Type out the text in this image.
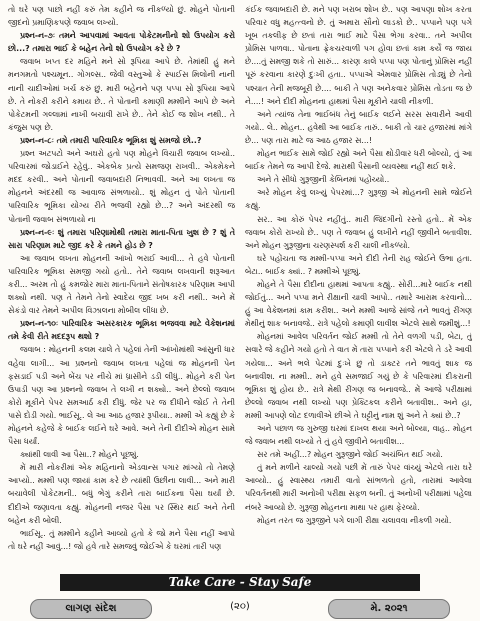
તો ઘરે પણ પાછો નહીં કરું તેમ કહીને જ નીકળ્યો છું. મોહને પોતાની જીદનો પ્રમાણિકપણે જવાબ લખ્યો.

પ્રશ્ન-ન-૭ઃ તમને આપવામાં આવતા પોકેટમનીનો શો ઉપયોગ કરો છો...? તમારા ભાઈ કે બહેન તેનો શો ઉપયોગ કરે છે ?

જવાબ ખપ્ત દર મહિને મને સો રૂપિયા આપે છે. તેમાંથી હું મને મનગમતો પશ્ચમૂન.. ગોગલ્સ.. જેવી વસ્તુઓ કે સ્પાઈસ મિલોની નાની નાની ચાદીઓમાં ખર્ચ કરું છું. મારી બહેનને પણ પપ્પા સો રૂપિયા આપે છે. તે નોકરી કરીને કમાય છે.. તે પોતાની કમાણી મમ્મીને આપે છે અને પોકેટમની ગલ્લામાં નાખી બચાવી રાખે છે.. તેને કોઈ જ શોખ નથી.. તે કંજુસ પણ છે.

પ્રશ્ન-ન-૮ઃ તમે તમારી પારિવારિક ભૂમિકા શું સમજો છો..?

પ્રશ્ન અટપટો અને અઘરો હતો પણ મોહને વિચારી જવાબ લખ્યો.. પરિવારમાં જોડાઈને રહેવું.. એકબેક પ્રત્યે સમજણ રાખવી.. એકમેકને મદદ કરવી.. અને પોતાની જવાબદારી નિભાવવી. અને આ લખતા જ મોહનને અંદરથી જ આવાજ સંભળાયો.. શું મોહન તું પોતે પોતાની પારિવારિક ભૂમિકા યોગ્ય રીતે ભજવી રહ્યો છે...? અને અંદરથી જ પોતાની જવાબ સંભળાયો ના

પ્રશ્ન-ન-૯ઃ શું તમારા પરિણામોથી તમારા માતા-પિતા ખુશ છે ? શું તે સારા પરિણામ માટે જીદ કરે કે તમને હોડ છે ?

આ જવાબ લખતા મોહનની આંખો ભરાઈ આવી... તે હવે પોતાની પારિવારિક ભૂમિકા સમજી ગયો હતો.. તેને જવાબ લખવાની શરૂઆત કરી... અરમ તો હું કમજોર મારા માતા-પિતાને સંતોષકારક પરિણામ આપી શક્યો નથી. પણ તે તેમને તેનો સ્વાદેય જીદ ખબ કરી નથી.. અને મેં સેકંડો વાર તેમને અપીલ વિઝાલના મોબીલ લીધા છે.

પ્રશ્ન-ન-૧૦ઃ પારિવારિક અસરકારક ભૂમિકા ભજવવા માટે વેકેશનમાં તમે કેવી રીતે મદદરૂપ થશો ?

જવાબ : મોહનની કલમ ચાલે તે પહેલાં તેની આંખોમાંથી આંસુની ધાર વહેવા લાગી... આ પ્રશ્નનો જવાબ લખતા પહેલાં જ મોહનની પેન ફસડાઈ પડી અને બેંચ પર નીચે માં ધ્રાસીને ડડી લીધું.. મોહને કરી પેન ઉપાડી પણ આ પ્રશ્નનો જવાબ તે લખી ન શક્યો.. અને છેલ્લો જવાબ કોરો મૂકીને પેપર સમઆર્ઠ કરી દીધું. જેર પર જ દીધીને જોઈ તે તેની પાસે દોડી ગયો. ભાઈસૂ.. લે આ આઠ હજાર રૂપીયા.. મમ્મી એ કહ્યું છે કે મોહનને કહેજે કે બાઈક લઈને ઘરે આવે. અને તેની દીદીએ મોહન સામે પૈસા ધર્યાં.

ક્યાંથી લાવી આ પૈસા..? મોહને પૂછ્યું.

મેં મારી નોકરીમાં એક મહિનાનો એડવાન્સ પગાર માંગ્યો તો તેમણે આપ્યો.. મમ્મી પણ જાયાં કામ કરે છે ત્યાંથી ઉછીના લાવી... અને મારી બચાવેલી પોકેટમની.. બધું ભેગું કરીને તારા બાઈકના પૈસા ઘર્યાં છે. દીદીએ જણાવતા કહ્યું. મોહનની નજર પૈસા પર સ્થિર થઈ અને તેની બહેન કરી બોલી.

ભાઈસૂ.. તું મમ્મીને કહીને આવ્યો હતો કે જો મને પૈસા નહીં આપો તો ઘરે નહીં આવું...! જો હવે તારે સમજવું જોઈએ કે ઘરમાં તારી પણ

કંઈક જવાબદારી છે. મને પણ ખરાબ શોખ છે.. પણ આપણા શોખ કરતા પરિવાર વધુ મહત્ત્વનો છે. તું અમારા સૌનો લાડકો છે.. પપ્પાને પણ પગે ખૂબ તકલીફ છે છતાં તારા ભાઈ માટે પૈસા ભેગા કરવા.. તને અપીલ પ્રોમિસ પાળવા.. પોતાના ફ્રેકચરવાળી પગ હોવા છતાં કામ કર્યે જ જાય છે....તું સમજી શકે તો સારું... કારણ કાલે પપ્પા પણ પોતાનું પ્રોમિસ નહીં પૂરું કરવાના કારણે દુઃખી હતા.. પપ્પાએ એમવાર પ્રોમિસ તોડ્યું છે તેનો પશ્ચાત તેની મજબૂરી છે.... બાકી તે પણ અનેકવાર પ્રોમિસ તોડતા જ છે ને....! અને દીદી મોહનના હાથમાં પૈસા મૂકીને ચાલી નીકળી.

અને ત્યાંજ તેના ભાઈબંધ તેનું બાઈક લઈને સરસ સવારીને આવી ગયો.. લે.. મોહન.. હવેથી આ બાઈક તારું.. બાકી તો ચાર હજારમાં માંગે છે... પણ તારા માટે જ આઠ હજાર સ...!

મોહન ભાઈક સામે જોઈ રહ્યો અને પૈસા થોડીવાર ધરી બોલ્યો, તું આ બાઈક તેમને જ આપી દેજે. મારાથી પૈસાની વ્યવસ્થા નહીં થઈ શકે.

અને તે સીધો ગુરૂજીની કેબિનમાં પહોંચ્યો..

અરે મોહન કેવું લખ્યું પેપરમાં...? ગુરૂજી એ મોહનની સામે જોઈને કહ્યું.

સર.. આ કોરું પેપર નહીંતું.. મારી જિંદગીનો રસ્તો હતો.. મેં એક જવાબ કોરો રાખ્યો છે.. પણ તે જવાબ હું લખીને નહીં જીવીને બતાવીશ. અને મોહન ગુરૂજીના ચરણસ્પર્શ કરી ચાલી નીકળ્યો.

ઘરે પહોંચતા જ મમ્મી-પપ્પા અને દીદી તેની રાહ જોઈને ઉભા હતા. બેટા.. બાઈક ક્યાં.. ? મમ્મીએ પૂછ્યું.

મોહને તે પૈસા દીદીના હાથમાં આપતા કહ્યું.. સોરી...મારે બાઈક નથી જોઈતું... અને પપ્પા મને રીક્ષાની ચાવી આપો.. તમારે આરામ કરવાનો... હું આ વેકેશનમાં કામ કરીશ.. અને મમ્મી આજે સાંજે તને ભાવતું રીંગણ મેથીનું શાક બનાવજે.. રાત્રે પહેલો કમાણી લાવીશ એટલે સાથે જમીશું...!

મોહનમાં આવેલ પરિવર્તન જોઈ મમ્મી તો તેને વળગી પડી, બેટા, તું સવારે જે કહીને ગયો હતો તે વાત મેં તારા પપ્પાને કરી એટલે તે ડરે આવી ગયેલા... અને ભલે પેટમાં દુઃખે છું તો ડાક્ટર તને ભાવતું શાક જ બનાવીશ. ના મમ્મી.. મને હવે સમજાઈ ગયું છે કે પરિવારમાં દીકરાની ભૂમિકા શું હોય છે.. રાત્રે મેથી રીંગણ જ બનાવજે.. મેં આજે પરીક્ષામાં છેલ્લો જવાબ નથી લખ્યો પણ પ્રેક્ટિકલ કરીને બતાવીશ.. અને હા, મમ્મી આપણે લોટ દળાવીએ છીએ તે ઘટ્ટીનું નામ શું અને તે ક્યાં છે..?

અને પછાળ જ ગુરુજી ઘરમાં દાખલ થયા અને બોલ્યા, વાહ.. મોહન જે જવાબ નથી લખ્યો તે તું હવે જીવીને બતાવીશ...

સર તમે અહીં...? મોહન ગુરૂજીને જોઈ અચંબિત થઈ ગયો.

તું મને મળીને ચાલ્યો ગયો પછી મેં તારું પેપર વાંચ્યું એટલે તારા ઘરે આવ્યો.. હું સ્વાસ્થ્ય તમારી વાતો સાંભળતો હતો, તારામાં આવેલા પરિવર્તનથી મારી અનોખી પરીક્ષા સફળ બની. તું અનોખી પરીક્ષામાં પહેલા નંબરે આવ્યો છે. ગુરૂજી મોહનના માથા પર હાથ ફેરવ્યો.

મોહન તરત જ ગુરૂજીને પગે લાગી રીક્ષા ચલાવવા નીકળી ગયો.

Take Care - Stay Safe
લાગણ સંદેશ	(૨૦)	મે. ૨૦૨૧
